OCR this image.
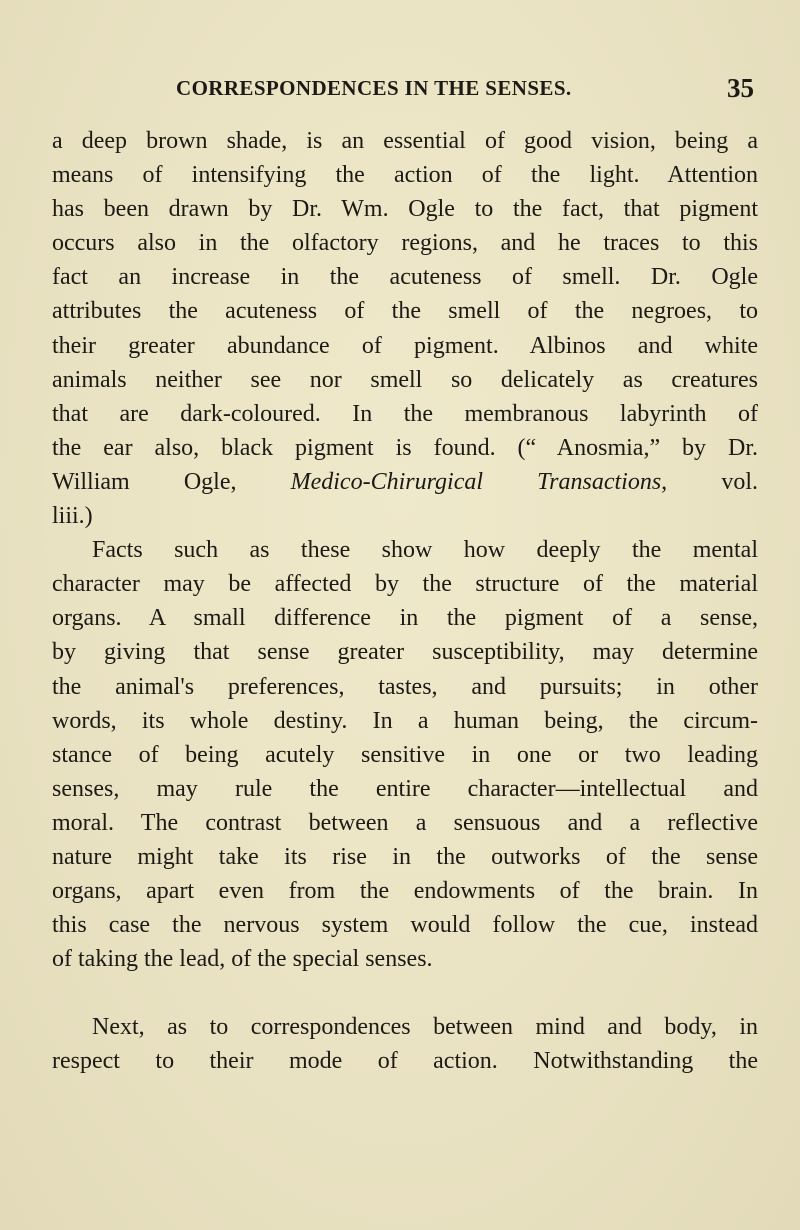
CORRESPONDENCES IN THE SENSES.	35
a deep brown shade, is an essential of good vision, being a
means of intensifying the action of the light. Attention
has been drawn by Dr. Wm. Ogle to the fact, that pigment
occurs also in the olfactory regions, and he traces to this
fact an increase in the acuteness of smell. Dr. Ogle
attributes the acuteness of the smell of the negroes, to
their greater abundance of pigment. Albinos and white
animals neither see nor smell so delicately as creatures
that are dark-coloured. In the membranous labyrinth of
the ear also, black pigment is found. (“ Anosmia,” by Dr.
William Ogle, Medico-Chirurgical Transactions, vol.
liii.)
Facts such as these show how deeply the mental
character may be affected by the structure of the material
organs. A small difference in the pigment of a sense,
by giving that sense greater susceptibility, may determine
the animal's preferences, tastes, and pursuits; in other
words, its whole destiny. In a human being, the circum-
stance of being acutely sensitive in one or two leading
senses, may rule the entire character—intellectual and
moral. The contrast between a sensuous and a reflective
nature might take its rise in the outworks of the sense
organs, apart even from the endowments of the brain. In
this case the nervous system would follow the cue, instead
of taking the lead, of the special senses.
Next, as to correspondences between mind and body, in
respect to their mode of action. Notwithstanding the
